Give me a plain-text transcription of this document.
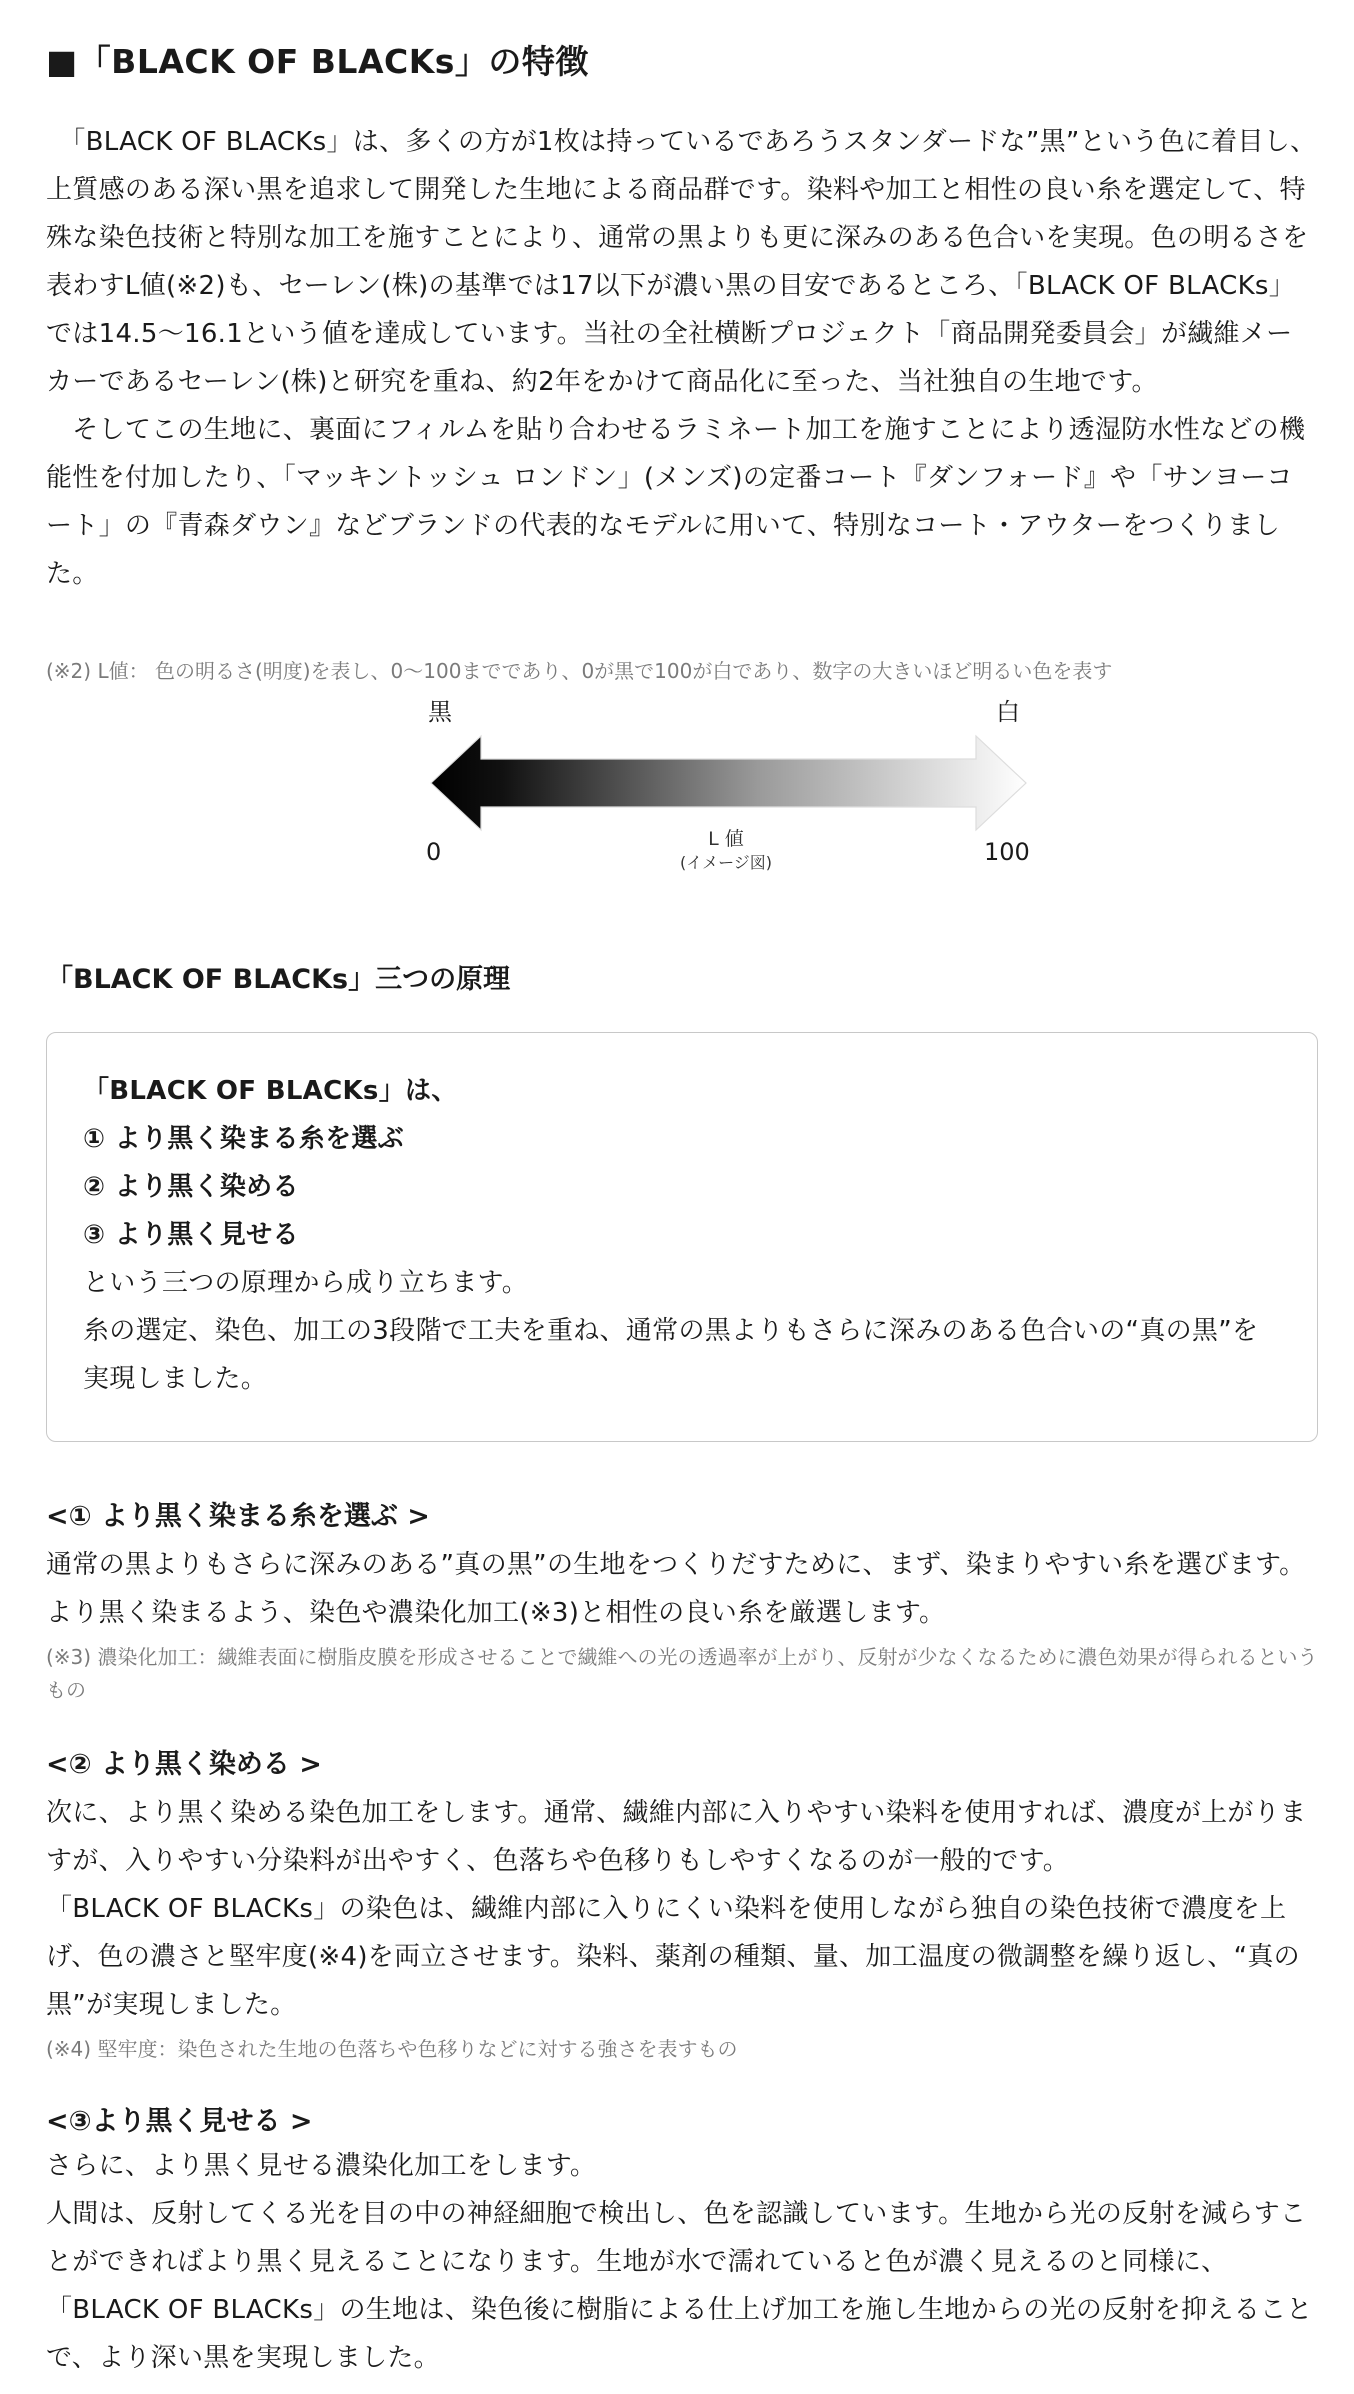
■「BLACK OF BLACKs」の特徴

　「BLACK OF BLACKs」は、多くの方が1枚は持っているであろうスタンダードな”黒”という色に着目し、上質感のある深い黒を追求して開発した生地による商品群です。染料や加工と相性の良い糸を選定して、特殊な染色技術と特別な加工を施すことにより、通常の黒よりも更に深みのある色合いを実現。色の明るさを表わすL値(※2)も、セーレン(株)の基準では17以下が濃い黒の目安であるところ、「BLACK OF BLACKs」では14.5〜16.1という値を達成しています。当社の全社横断プロジェクト「商品開発委員会」が繊維メーカーであるセーレン(株)と研究を重ね、約2年をかけて商品化に至った、当社独自の生地です。

　そしてこの生地に、裏面にフィルムを貼り合わせるラミネート加工を施すことにより透湿防水性などの機能性を付加したり、「マッキントッシュ ロンドン」(メンズ)の定番コート『ダンフォード』や「サンヨーコート」の『青森ダウン』などブランドの代表的なモデルに用いて、特別なコート・アウターをつくりました。

(※2) L値： 色の明るさ(明度)を表し、0〜100までであり、0が黒で100が白であり、数字の大きいほど明るい色を表す

黒	白
0	100
L 値
(イメージ図)
「BLACK OF BLACKs」三つの原理

「BLACK OF BLACKs」は、

① より黒く染まる糸を選ぶ

② より黒く染める

③ より黒く見せる

という三つの原理から成り立ちます。

糸の選定、染色、加工の3段階で工夫を重ね、通常の黒よりもさらに深みのある色合いの“真の黒”を実現しました。

<① より黒く染まる糸を選ぶ >

通常の黒よりもさらに深みのある”真の黒”の生地をつくりだすために、まず、染まりやすい糸を選びます。より黒く染まるよう、染色や濃染化加工(※3)と相性の良い糸を厳選します。

(※3) 濃染化加工：繊維表面に樹脂皮膜を形成させることで繊維への光の透過率が上がり、反射が少なくなるために濃色効果が得られるというもの

<② より黒く染める >

次に、より黒く染める染色加工をします。通常、繊維内部に入りやすい染料を使用すれば、濃度が上がりますが、入りやすい分染料が出やすく、色落ちや色移りもしやすくなるのが一般的です。

「BLACK OF BLACKs」の染色は、繊維内部に入りにくい染料を使用しながら独自の染色技術で濃度を上げ、色の濃さと堅牢度(※4)を両立させます。染料、薬剤の種類、量、加工温度の微調整を繰り返し、“真の黒”が実現しました。

(※4) 堅牢度：染色された生地の色落ちや色移りなどに対する強さを表すもの

<③より黒く見せる >

さらに、より黒く見せる濃染化加工をします。

人間は、反射してくる光を目の中の神経細胞で検出し、色を認識しています。生地から光の反射を減らすことができればより黒く見えることになります。生地が水で濡れていると色が濃く見えるのと同様に、「BLACK OF BLACKs」の生地は、染色後に樹脂による仕上げ加工を施し生地からの光の反射を抑えることで、より深い黒を実現しました。
